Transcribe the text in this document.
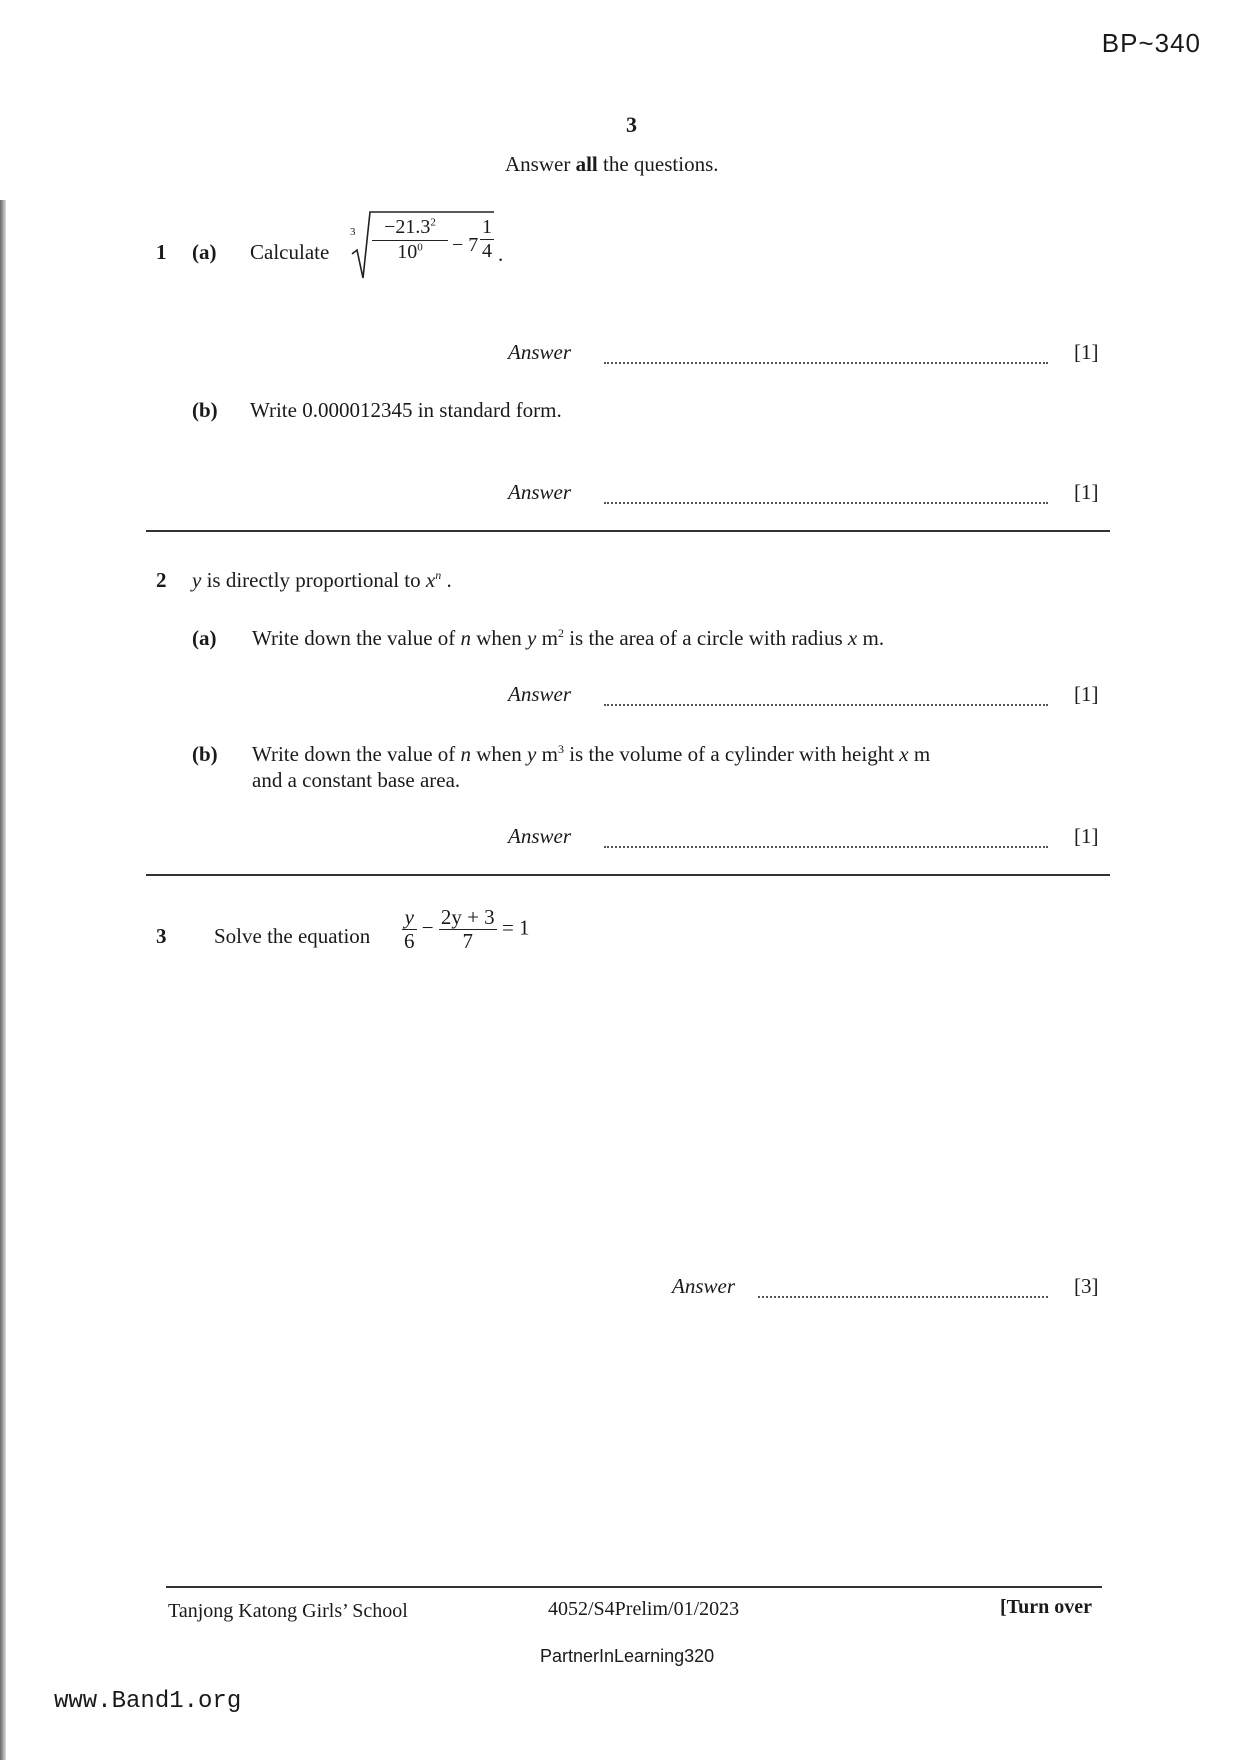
BP~340
3
Answer all the questions.
1 (a) Calculate
$3 \frac{-21.3^2}{10^0} - 7$
1
4 .
Answer	[1]
(b) Write 0.000012345 in standard form.
Answer	[1]
2 y is directly proportional to $x^n$ .
(a) Write down the value of n when y $m^2$ is the area of a circle with radius x m.
Answer	[1]
(b) Write down the value of n when y $m^3$ is the volume of a cylinder with height x m
and a constant base area.
Answer	[1]
3 Solve the equation $\frac{y}{6} - \frac{2y + 3}{7} = 1$
Answer	[3]
Tanjong Katong Girls’ School	4052/S4Prelim/01/2023	[Turn over
PartnerInLearning320
www.Band1.org
